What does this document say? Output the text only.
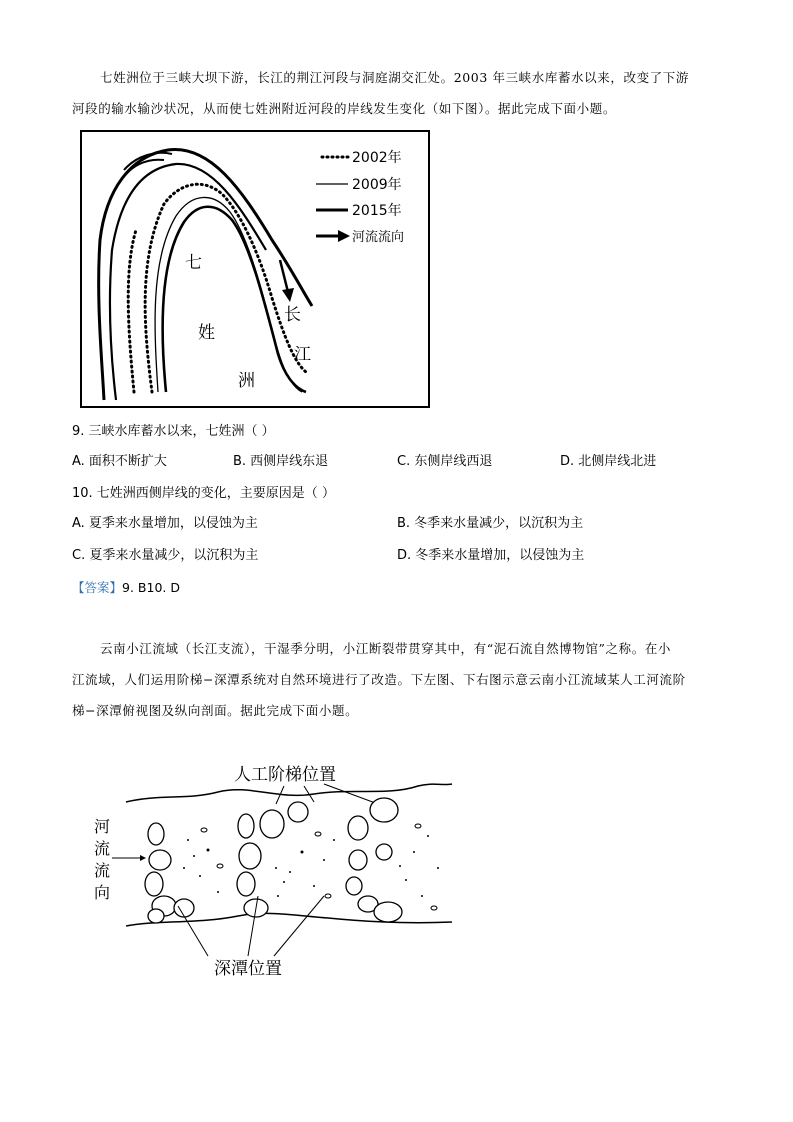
七姓洲位于三峡大坝下游，长江的荆江河段与洞庭湖交汇处。2003 年三峡水库蓄水以来，改变了下游
河段的输水输沙状况，从而使七姓洲附近河段的岸线发生变化（如下图）。据此完成下面小题。
2002年
2009年
2015年
河流流向
七
姓
洲
长
江
9. 三峡水库蓄水以来，七姓洲（ ）
A. 面积不断扩大	B. 西侧岸线东退	C. 东侧岸线西退	D. 北侧岸线北进
10. 七姓洲西侧岸线的变化，主要原因是（ ）
A. 夏季来水量增加，以侵蚀为主	B. 冬季来水量减少，以沉积为主
C. 夏季来水量减少，以沉积为主	D. 冬季来水量增加，以侵蚀为主
【答案】9. B10. D
云南小江流域（长江支流），干湿季分明，小江断裂带贯穿其中，有“泥石流自然博物馆”之称。在小
江流域，人们运用阶梯−深潭系统对自然环境进行了改造。下左图、下右图示意云南小江流域某人工河流阶
梯−深潭俯视图及纵向剖面。据此完成下面小题。
人工阶梯位置
河
流
流
向
深潭位置
